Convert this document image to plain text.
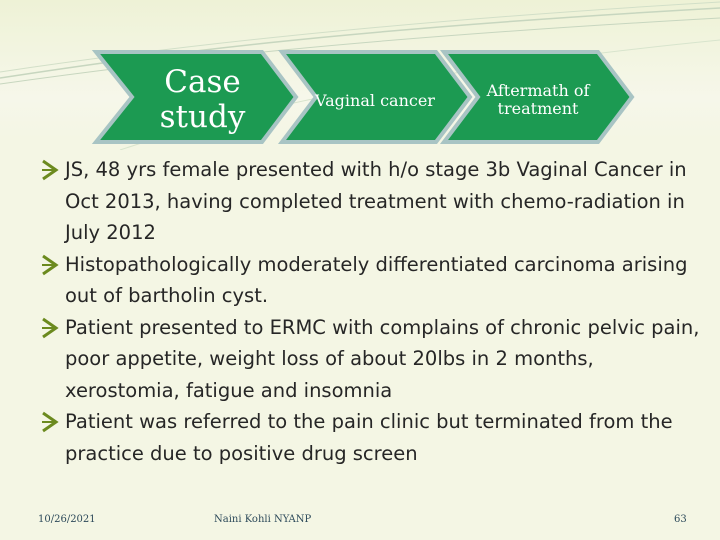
Case study	Vaginal cancer
Aftermath of treatment
JS, 48 yrs female presented with h/o stage 3b Vaginal Cancer in Oct 2013, having completed treatment with chemo-radiation in July 2012
Histopathologically moderately differentiated carcinoma arising out of bartholin cyst.
Patient presented to ERMC with complains of chronic pelvic pain, poor appetite, weight loss of about 20lbs in 2 months, xerostomia, fatigue and insomnia
Patient was referred to the pain clinic but terminated from the practice due to positive drug screen
10/26/2021	Naini Kohli NYANP	63
